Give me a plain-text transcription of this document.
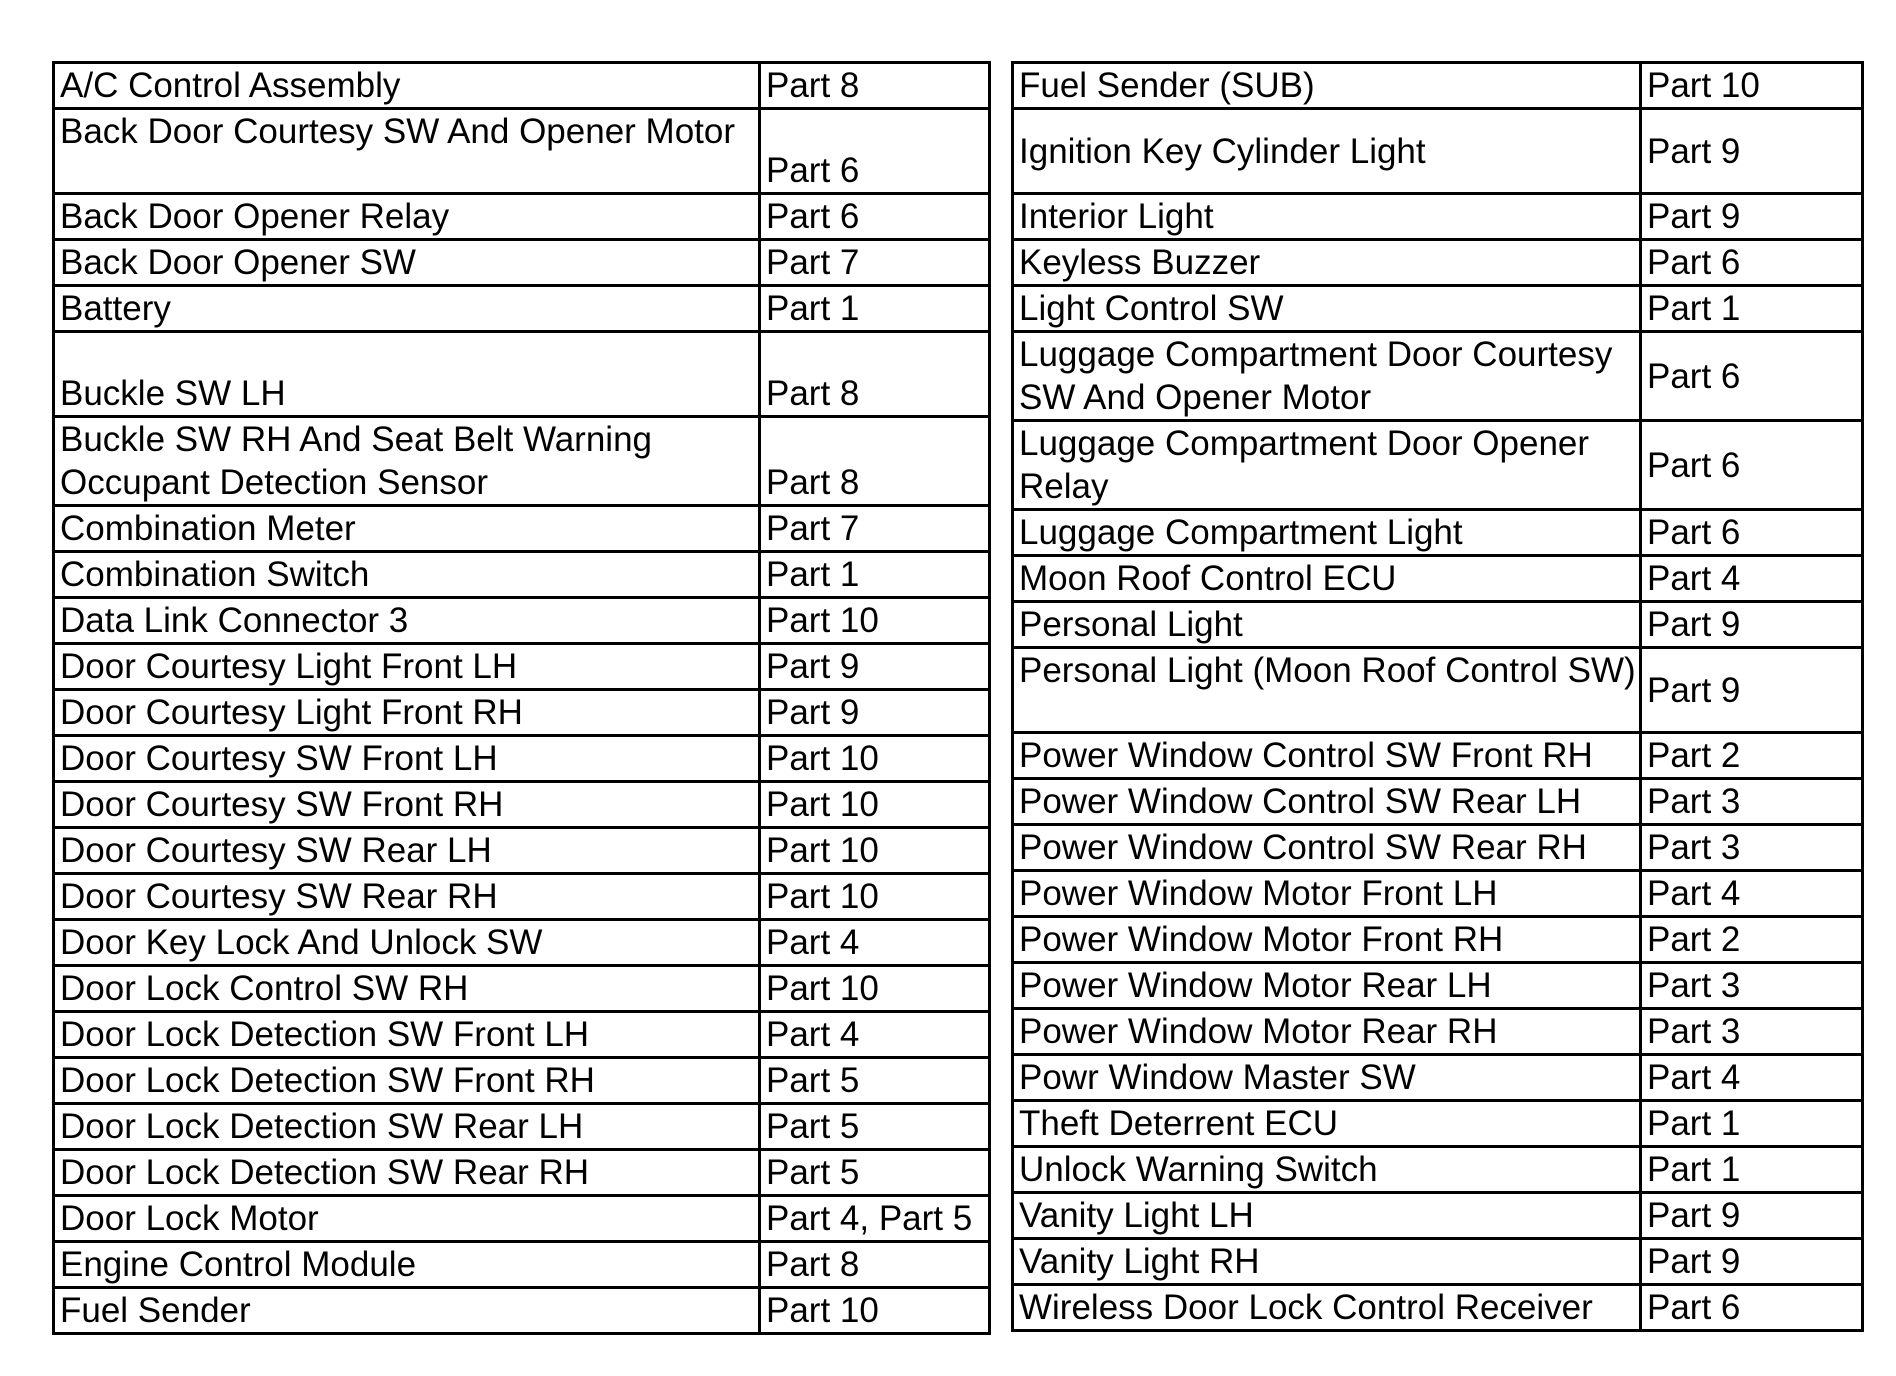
A/C Control Assembly	Part 8
Back Door Courtesy SW And Opener Motor	Part 6
Back Door Opener Relay	Part 6
Back Door Opener SW	Part 7
Battery	Part 1
Buckle SW LH	Part 8
Buckle SW RH And Seat Belt Warning Occupant Detection Sensor	Part 8
Combination Meter	Part 7
Combination Switch	Part 1
Data Link Connector 3	Part 10
Door Courtesy Light Front LH	Part 9
Door Courtesy Light Front RH	Part 9
Door Courtesy SW Front LH	Part 10
Door Courtesy SW Front RH	Part 10
Door Courtesy SW Rear LH	Part 10
Door Courtesy SW Rear RH	Part 10
Door Key Lock And Unlock SW	Part 4
Door Lock Control SW RH	Part 10
Door Lock Detection SW Front LH	Part 4
Door Lock Detection SW Front RH	Part 5
Door Lock Detection SW Rear LH	Part 5
Door Lock Detection SW Rear RH	Part 5
Door Lock Motor	Part 4, Part 5
Engine Control Module	Part 8
Fuel Sender	Part 10
Fuel Sender (SUB)	Part 10
Ignition Key Cylinder Light	Part 9
Interior Light	Part 9
Keyless Buzzer	Part 6
Light Control SW	Part 1
Luggage Compartment Door Courtesy SW And Opener Motor	Part 6
Luggage Compartment Door Opener Relay	Part 6
Luggage Compartment Light	Part 6
Moon Roof Control ECU	Part 4
Personal Light	Part 9
Personal Light (Moon Roof Control SW)	Part 9
Power Window Control SW Front RH	Part 2
Power Window Control SW Rear LH	Part 3
Power Window Control SW Rear RH	Part 3
Power Window Motor Front LH	Part 4
Power Window Motor Front RH	Part 2
Power Window Motor Rear LH	Part 3
Power Window Motor Rear RH	Part 3
Powr Window Master SW	Part 4
Theft Deterrent ECU	Part 1
Unlock Warning Switch	Part 1
Vanity Light LH	Part 9
Vanity Light RH	Part 9
Wireless Door Lock Control Receiver	Part 6
